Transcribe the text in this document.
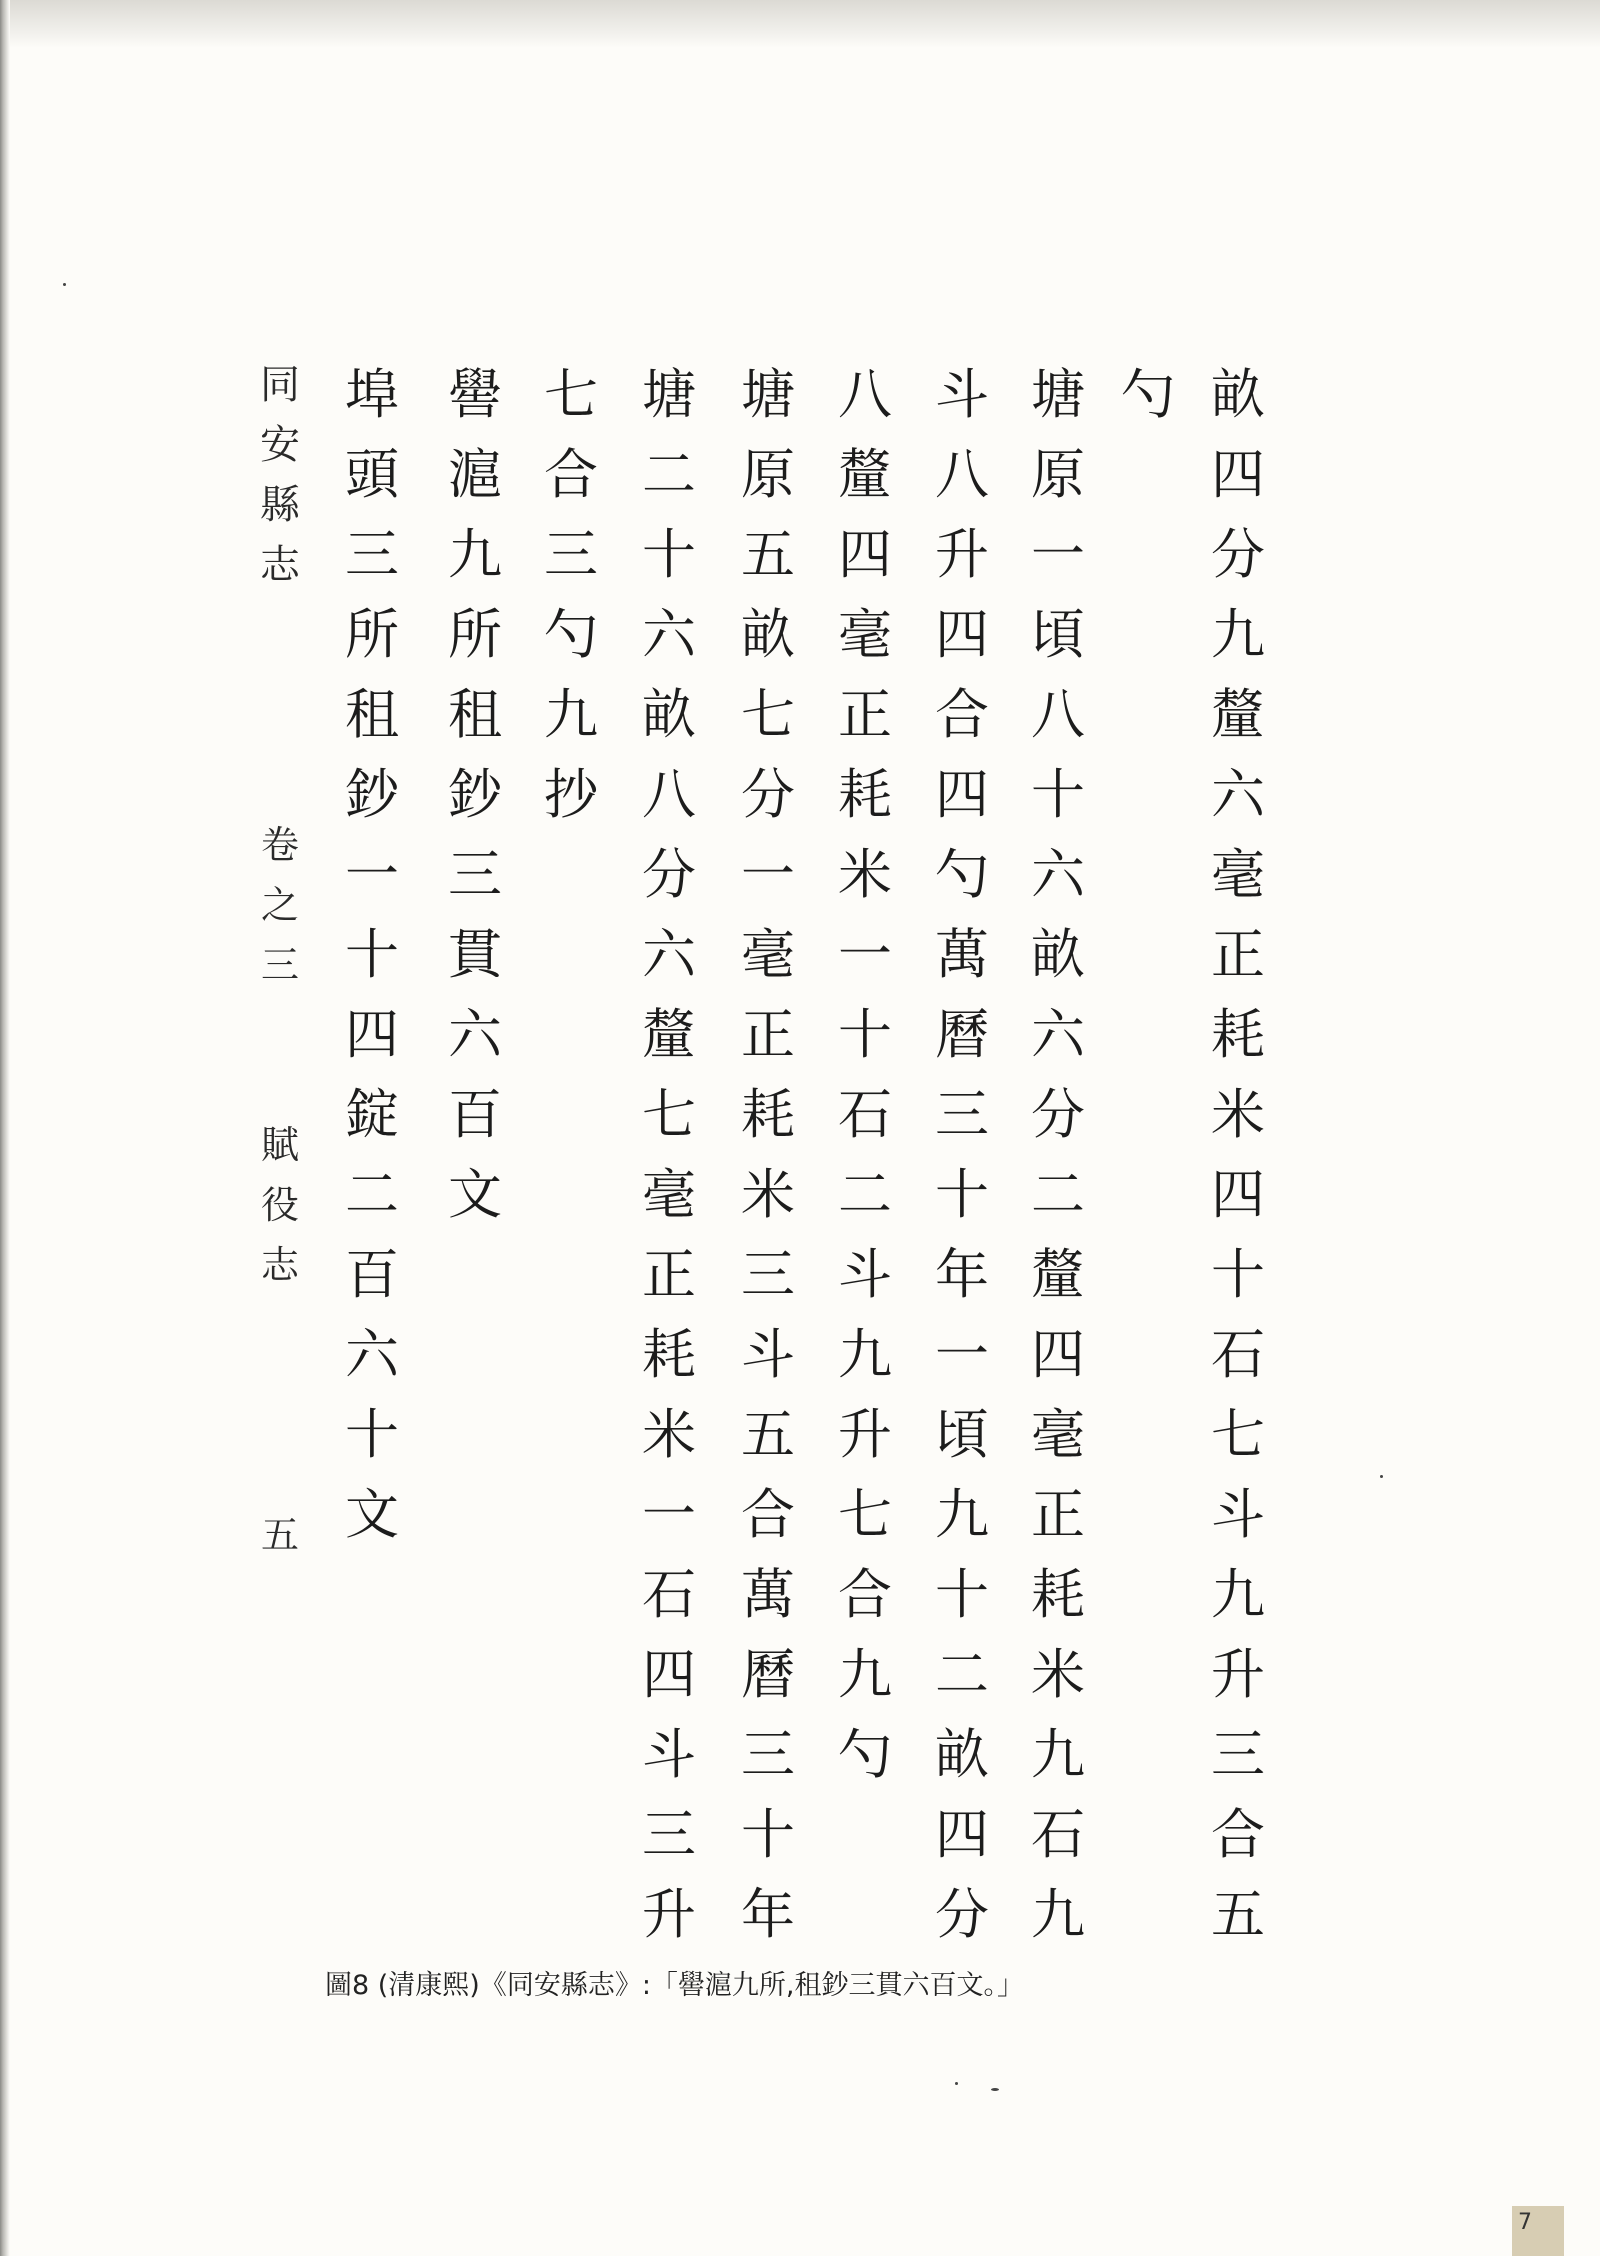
畝
四
分
九
釐
六
毫
正
耗
米
四
十
石
七
斗
九
升
三
合
五
勺
塘
原
一
頃
八
十
六
畝
六
分
二
釐
四
毫
正
耗
米
九
石
九
斗
八
升
四
合
四
勺
萬
曆
三
十
年
一
頃
九
十
二
畝
四
分
八
釐
四
毫
正
耗
米
一
十
石
二
斗
九
升
七
合
九
勺
塘
原
五
畝
七
分
一
毫
正
耗
米
三
斗
五
合
萬
曆
三
十
年
塘
二
十
六
畝
八
分
六
釐
七
毫
正
耗
米
一
石
四
斗
三
升
七
合
三
勺
九
抄
嚳
滬
九
所
租
鈔
三
貫
六
百
文
埠
頭
三
所
租
鈔
一
十
四
錠
二
百
六
十
文
同
安
縣
志
卷
之
三
賦
役
志
五
圖8 (清康熙)《同安縣志》:「嚳滬九所,租鈔三貫六百文。」
7
